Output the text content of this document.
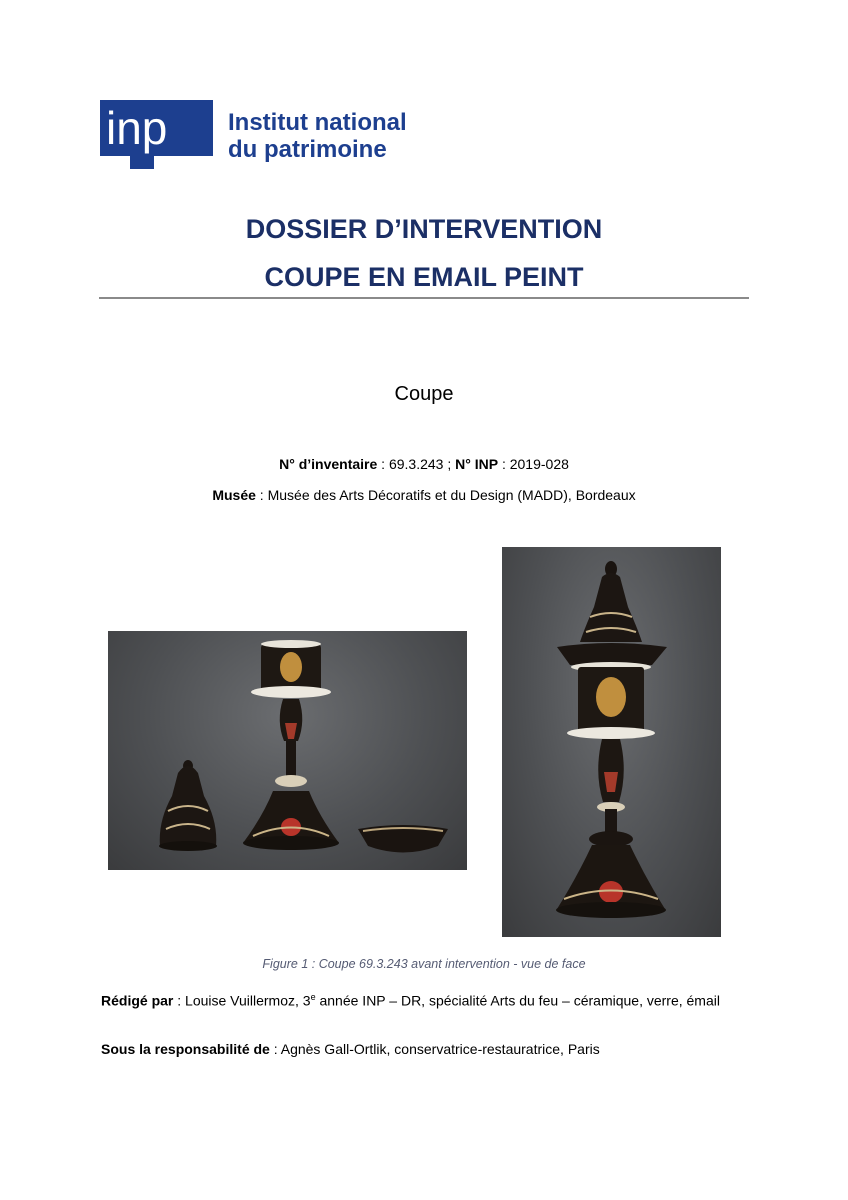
inp	Institut national
du patrimoine
DOSSIER D’INTERVENTION
COUPE EN EMAIL PEINT
Coupe
N° d’inventaire : 69.3.243 ; N° INP : 2019-028
Musée : Musée des Arts Décoratifs et du Design (MADD), Bordeaux
Figure 1 : Coupe 69.3.243 avant intervention - vue de face
Rédigé par : Louise Vuillermoz, 3e année INP – DR, spécialité Arts du feu – céramique, verre, émail
Sous la responsabilité de : Agnès Gall-Ortlik, conservatrice-restauratrice, Paris
